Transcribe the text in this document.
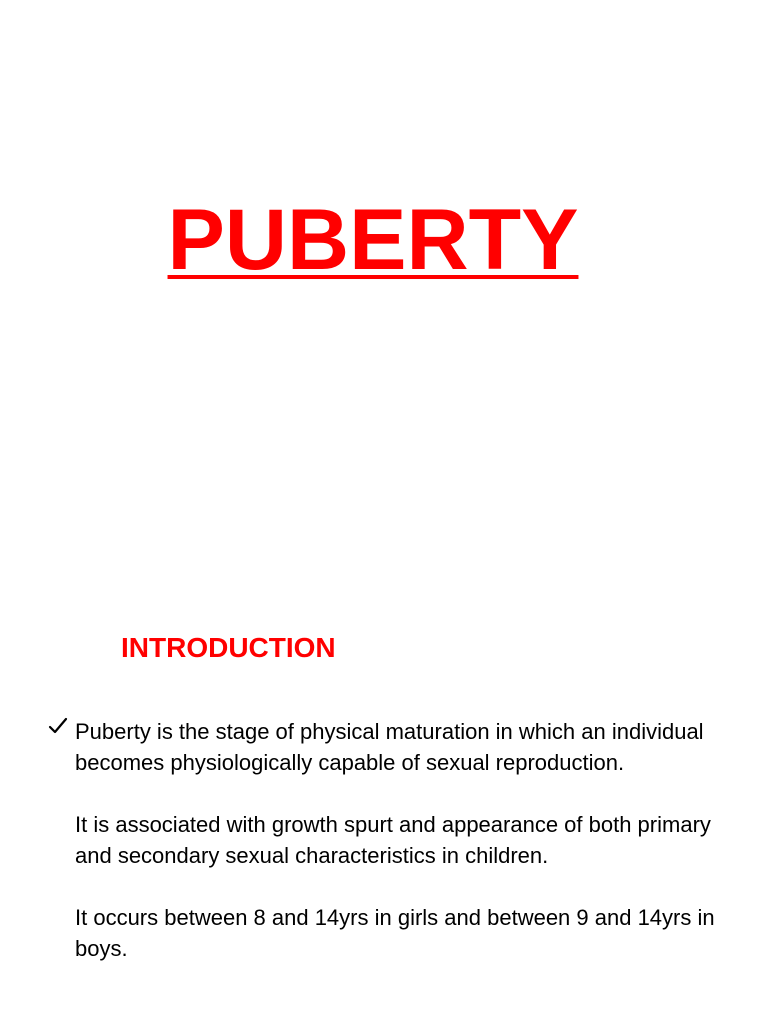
PUBERTY
INTRODUCTION

Puberty is the stage of physical maturation in which an individual becomes physiologically capable of sexual reproduction.

It is associated with growth spurt and appearance of both primary and secondary sexual characteristics in children.

It occurs between 8 and 14yrs in girls and between 9 and 14yrs in boys.
